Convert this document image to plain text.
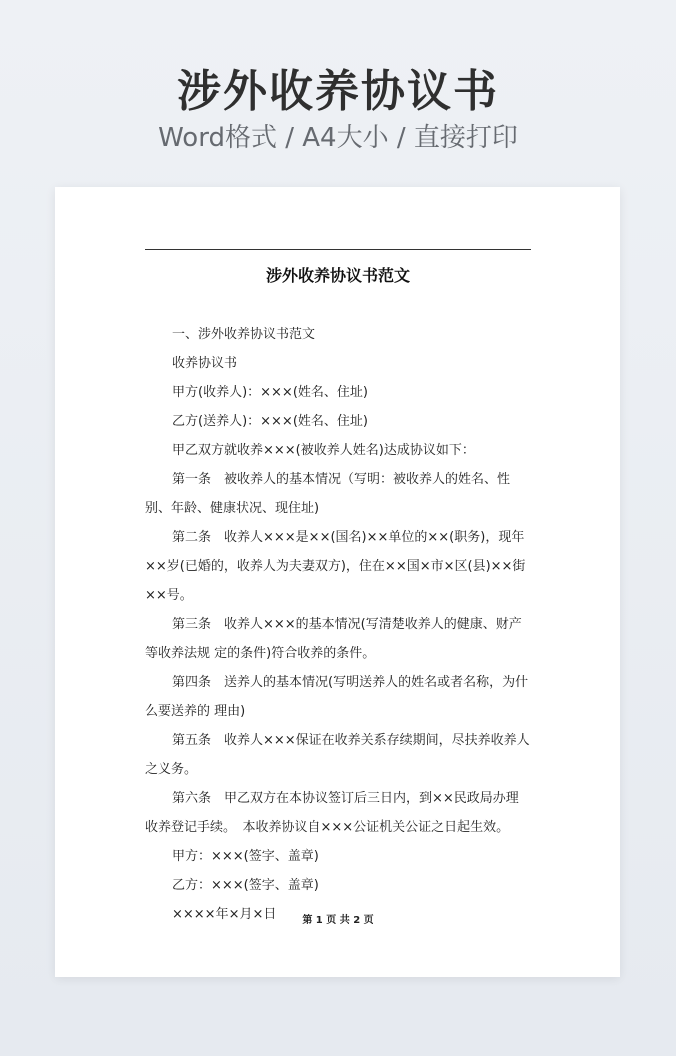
涉外收养协议书
Word格式 / A4大小 / 直接打印
涉外收养协议书范文

一、涉外收养协议书范文

收养协议书

甲方(收养人)：×××(姓名、住址)

乙方(送养人)：×××(姓名、住址)

甲乙双方就收养×××(被收养人姓名)达成协议如下：

第一条　被收养人的基本情况（写明：被收养人的姓名、性别、年龄、健康状况、现住址)

第二条　收养人×××是××(国名)××单位的××(职务)，现年××岁(已婚的，收养人为夫妻双方)，住在××国×市×区(县)××街××号。

第三条　收养人×××的基本情况(写清楚收养人的健康、财产等收养法规 定的条件)符合收养的条件。

第四条　送养人的基本情况(写明送养人的姓名或者名称，为什么要送养的 理由)

第五条　收养人×××保证在收养关系存续期间，尽扶养收养人之义务。

第六条　甲乙双方在本协议签订后三日内，到××民政局办理收养登记手续。　本收养协议自×××公证机关公证之日起生效。

甲方：×××(签字、盖章)

乙方：×××(签字、盖章)

××××年×月×日	第 1 页 共 2 页
